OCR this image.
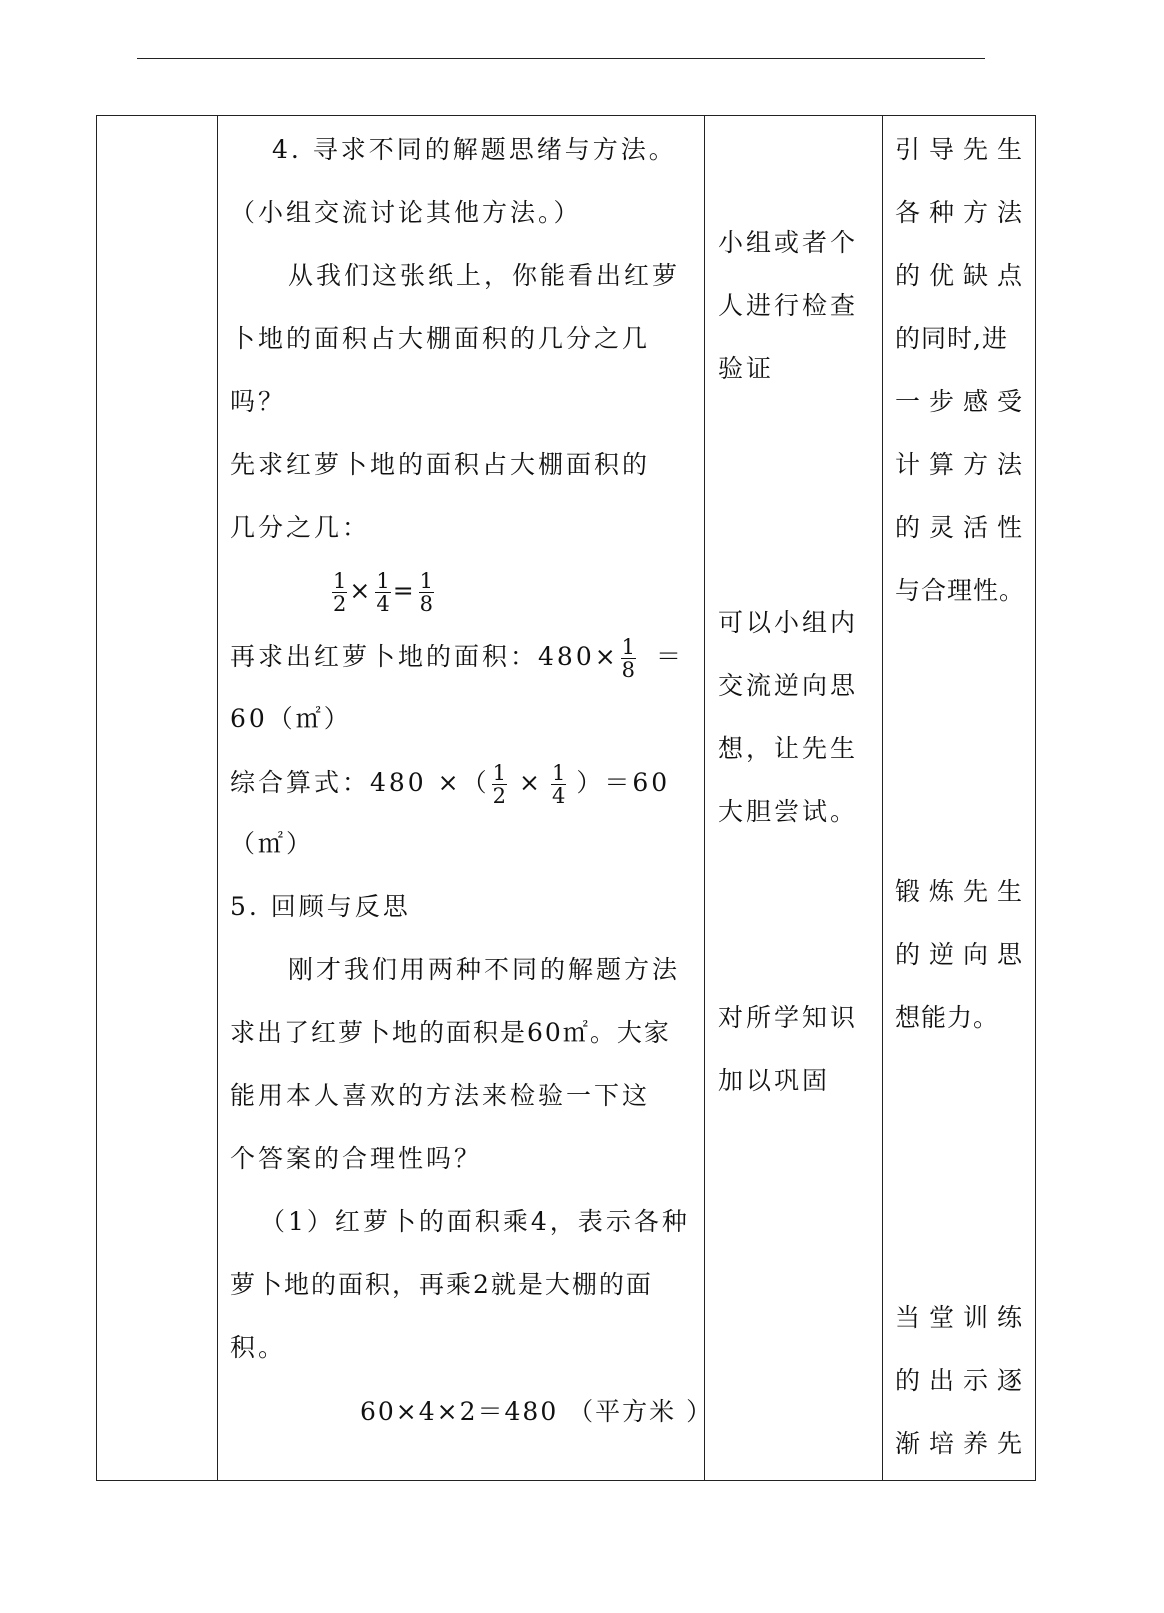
4. 寻求不同的解题思绪与方法。
（小组交流讨论其他方法。）
从我们这张纸上，你能看出红萝
卜地的面积占大棚面积的几分之几
吗？
先求红萝卜地的面积占大棚面积的
几分之几：
$\frac{1}{2} \times \frac{1}{4} = \frac{1}{8}$
再求出红萝卜地的面积：$480\times \frac{1}{8}$ ＝
60（㎡）
综合算式：480 ×（ $\frac{1}{2} \times \frac{1}{4} )=60$
（㎡）
5. 回顾与反思
刚才我们用两种不同的解题方法
求出了红萝卜地的面积是60㎡。大家
能用本人喜欢的方法来检验一下这
个答案的合理性吗？
（1）红萝卜的面积乘4，表示各种
萝卜地的面积，再乘2就是大棚的面
积。
60×4×2＝480 （平方米 ）
小组或者个
人进行检查
验证
可以小组内
交流逆向思
想，让先生
大胆尝试。
对所学知识
加以巩固
引导先生
各种方法
的优缺点
的同时,进
一步感受
计算方法
的灵活性
与合理性。
锻炼先生
的逆向思
想能力。
当堂训练
的出示逐
渐培养先
